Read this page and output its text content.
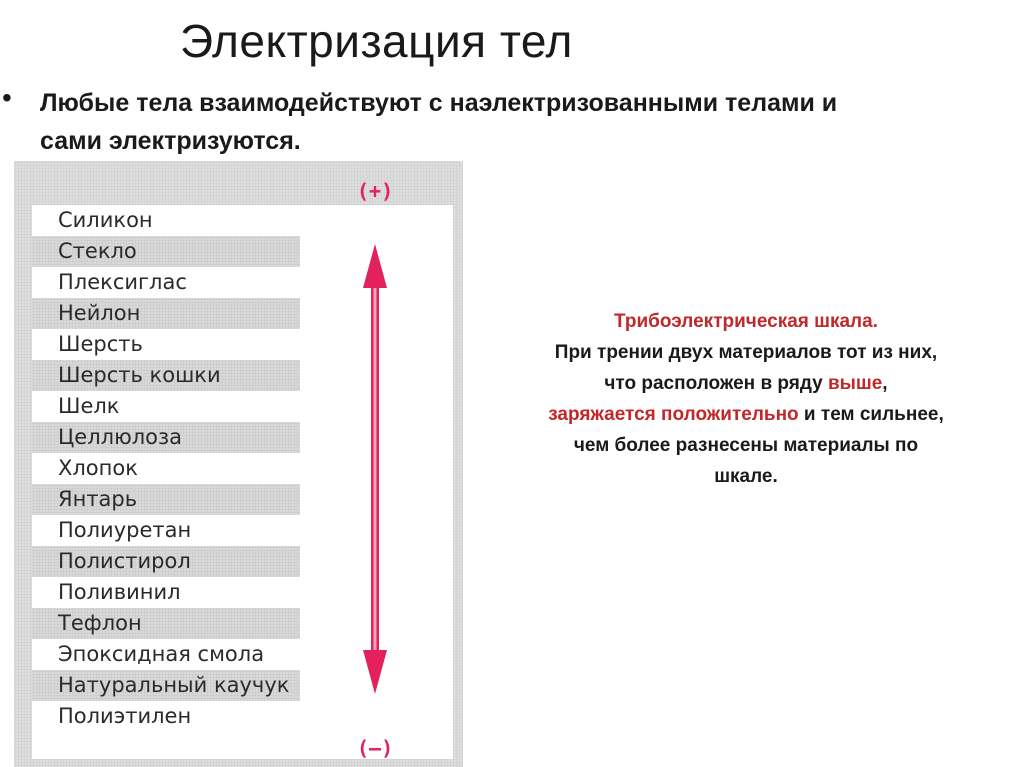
Электризация тел
• Любые тела взаимодействуют с наэлектризованными телами и
сами электризуются.
Силикон
Стекло
Плексиглас
Нейлон
Шерсть
Шерсть кошки
Шелк
Целлюлоза
Хлопок
Янтарь
Полиуретан
Полистирол
Поливинил
Тефлон
Эпоксидная смола
Натуральный каучук
Полиэтилен
(+)
(–)
Трибоэлектрическая шкала.
При трении двух материалов тот из них,
что расположен в ряду выше,
заряжается положительно и тем сильнее,
чем более разнесены материалы по
шкале.
